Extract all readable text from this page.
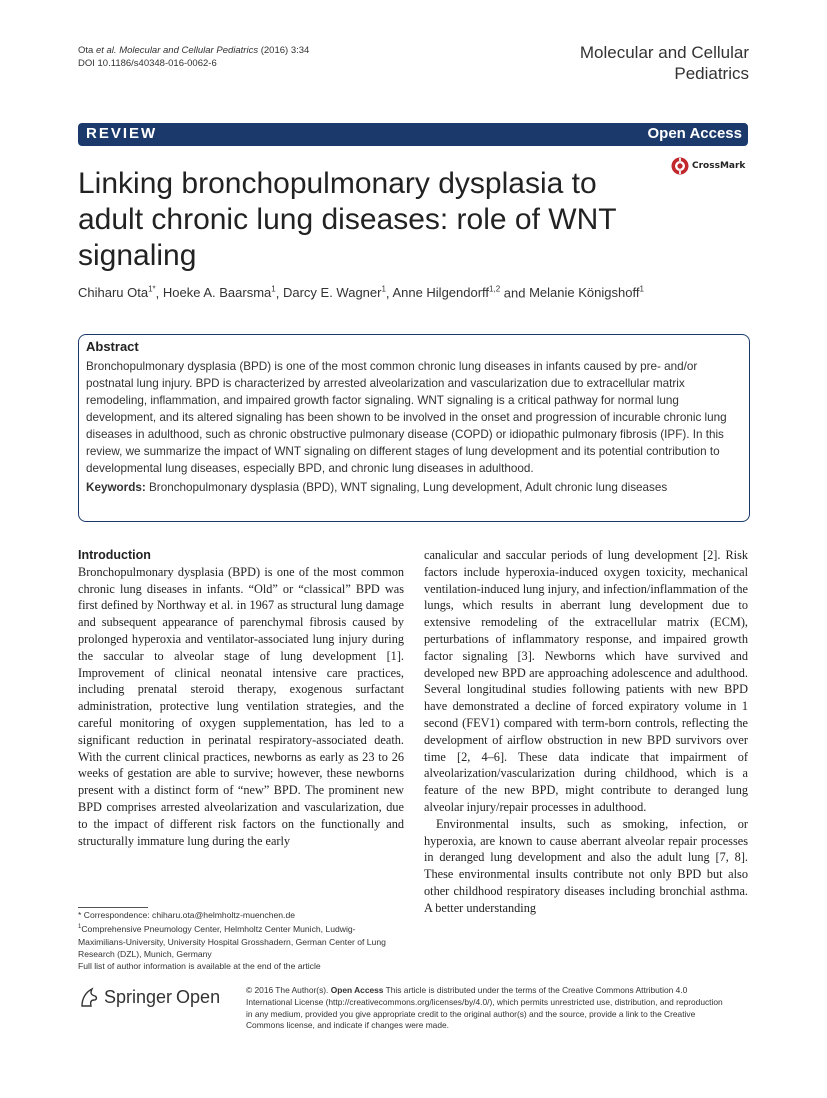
Ota et al. Molecular and Cellular Pediatrics (2016) 3:34
DOI 10.1186/s40348-016-0062-6
Molecular and Cellular
Pediatrics
REVIEW	Open Access
Linking bronchopulmonary dysplasia to adult chronic lung diseases: role of WNT signaling
CrossMark
Chiharu Ota$^{1*}$, Hoeke A. Baarsma$^1$, Darcy E. Wagner$^1$, Anne Hilgendorff$^{1,2}$ and Melanie Königshoff$^1$
Abstract
Bronchopulmonary dysplasia (BPD) is one of the most common chronic lung diseases in infants caused by pre- and/or postnatal lung injury. BPD is characterized by arrested alveolarization and vascularization due to extracellular matrix remodeling, inflammation, and impaired growth factor signaling. WNT signaling is a critical pathway for normal lung development, and its altered signaling has been shown to be involved in the onset and progression of incurable chronic lung diseases in adulthood, such as chronic obstructive pulmonary disease (COPD) or idiopathic pulmonary fibrosis (IPF). In this review, we summarize the impact of WNT signaling on different stages of lung development and its potential contribution to developmental lung diseases, especially BPD, and chronic lung diseases in adulthood.
Keywords: Bronchopulmonary dysplasia (BPD), WNT signaling, Lung development, Adult chronic lung diseases
Introduction

Bronchopulmonary dysplasia (BPD) is one of the most common chronic lung diseases in infants. “Old” or “classical” BPD was first defined by Northway et al. in 1967 as structural lung damage and subsequent appearance of parenchymal fibrosis caused by prolonged hyperoxia and ventilator-associated lung injury during the saccular to alveolar stage of lung development [1]. Improvement of clinical neonatal intensive care practices, including prenatal steroid therapy, exogenous surfactant administration, protective lung ventilation strategies, and the careful monitoring of oxygen supplementation, has led to a significant reduction in perinatal respiratory-associated death. With the current clinical practices, newborns as early as 23 to 26 weeks of gestation are able to survive; however, these newborns present with a distinct form of “new” BPD. The prominent new BPD comprises arrested alveolarization and vascularization, due to the impact of different risk factors on the functionally and structurally immature lung during the early

canalicular and saccular periods of lung development [2]. Risk factors include hyperoxia-induced oxygen toxicity, mechanical ventilation-induced lung injury, and infection/inflammation of the lungs, which results in aberrant lung development due to extensive remodeling of the extracellular matrix (ECM), perturbations of inflammatory response, and impaired growth factor signaling [3]. Newborns which have survived and developed new BPD are approaching adolescence and adulthood. Several longitudinal studies following patients with new BPD have demonstrated a decline of forced expiratory volume in 1 second (FEV1) compared with term-born controls, reflecting the development of airflow obstruction in new BPD survivors over time [2, 4–6]. These data indicate that impairment of alveolarization/vascularization during childhood, which is a feature of the new BPD, might contribute to deranged lung alveolar injury/repair processes in adulthood.

Environmental insults, such as smoking, infection, or hyperoxia, are known to cause aberrant alveolar repair processes in deranged lung development and also the adult lung [7, 8]. These environmental insults contribute not only BPD but also other childhood respiratory diseases including bronchial asthma. A better understanding

* Correspondence: chiharu.ota@helmholtz-muenchen.de
$^1$Comprehensive Pneumology Center, Helmholtz Center Munich, Ludwig-Maximilians-University, University Hospital Grosshadern, German Center of Lung Research (DZL), Munich, Germany
Full list of author information is available at the end of the article
Springer Open	© 2016 The Author(s). Open Access This article is distributed under the terms of the Creative Commons Attribution 4.0 International License (http://creativecommons.org/licenses/by/4.0/), which permits unrestricted use, distribution, and reproduction in any medium, provided you give appropriate credit to the original author(s) and the source, provide a link to the Creative Commons license, and indicate if changes were made.
